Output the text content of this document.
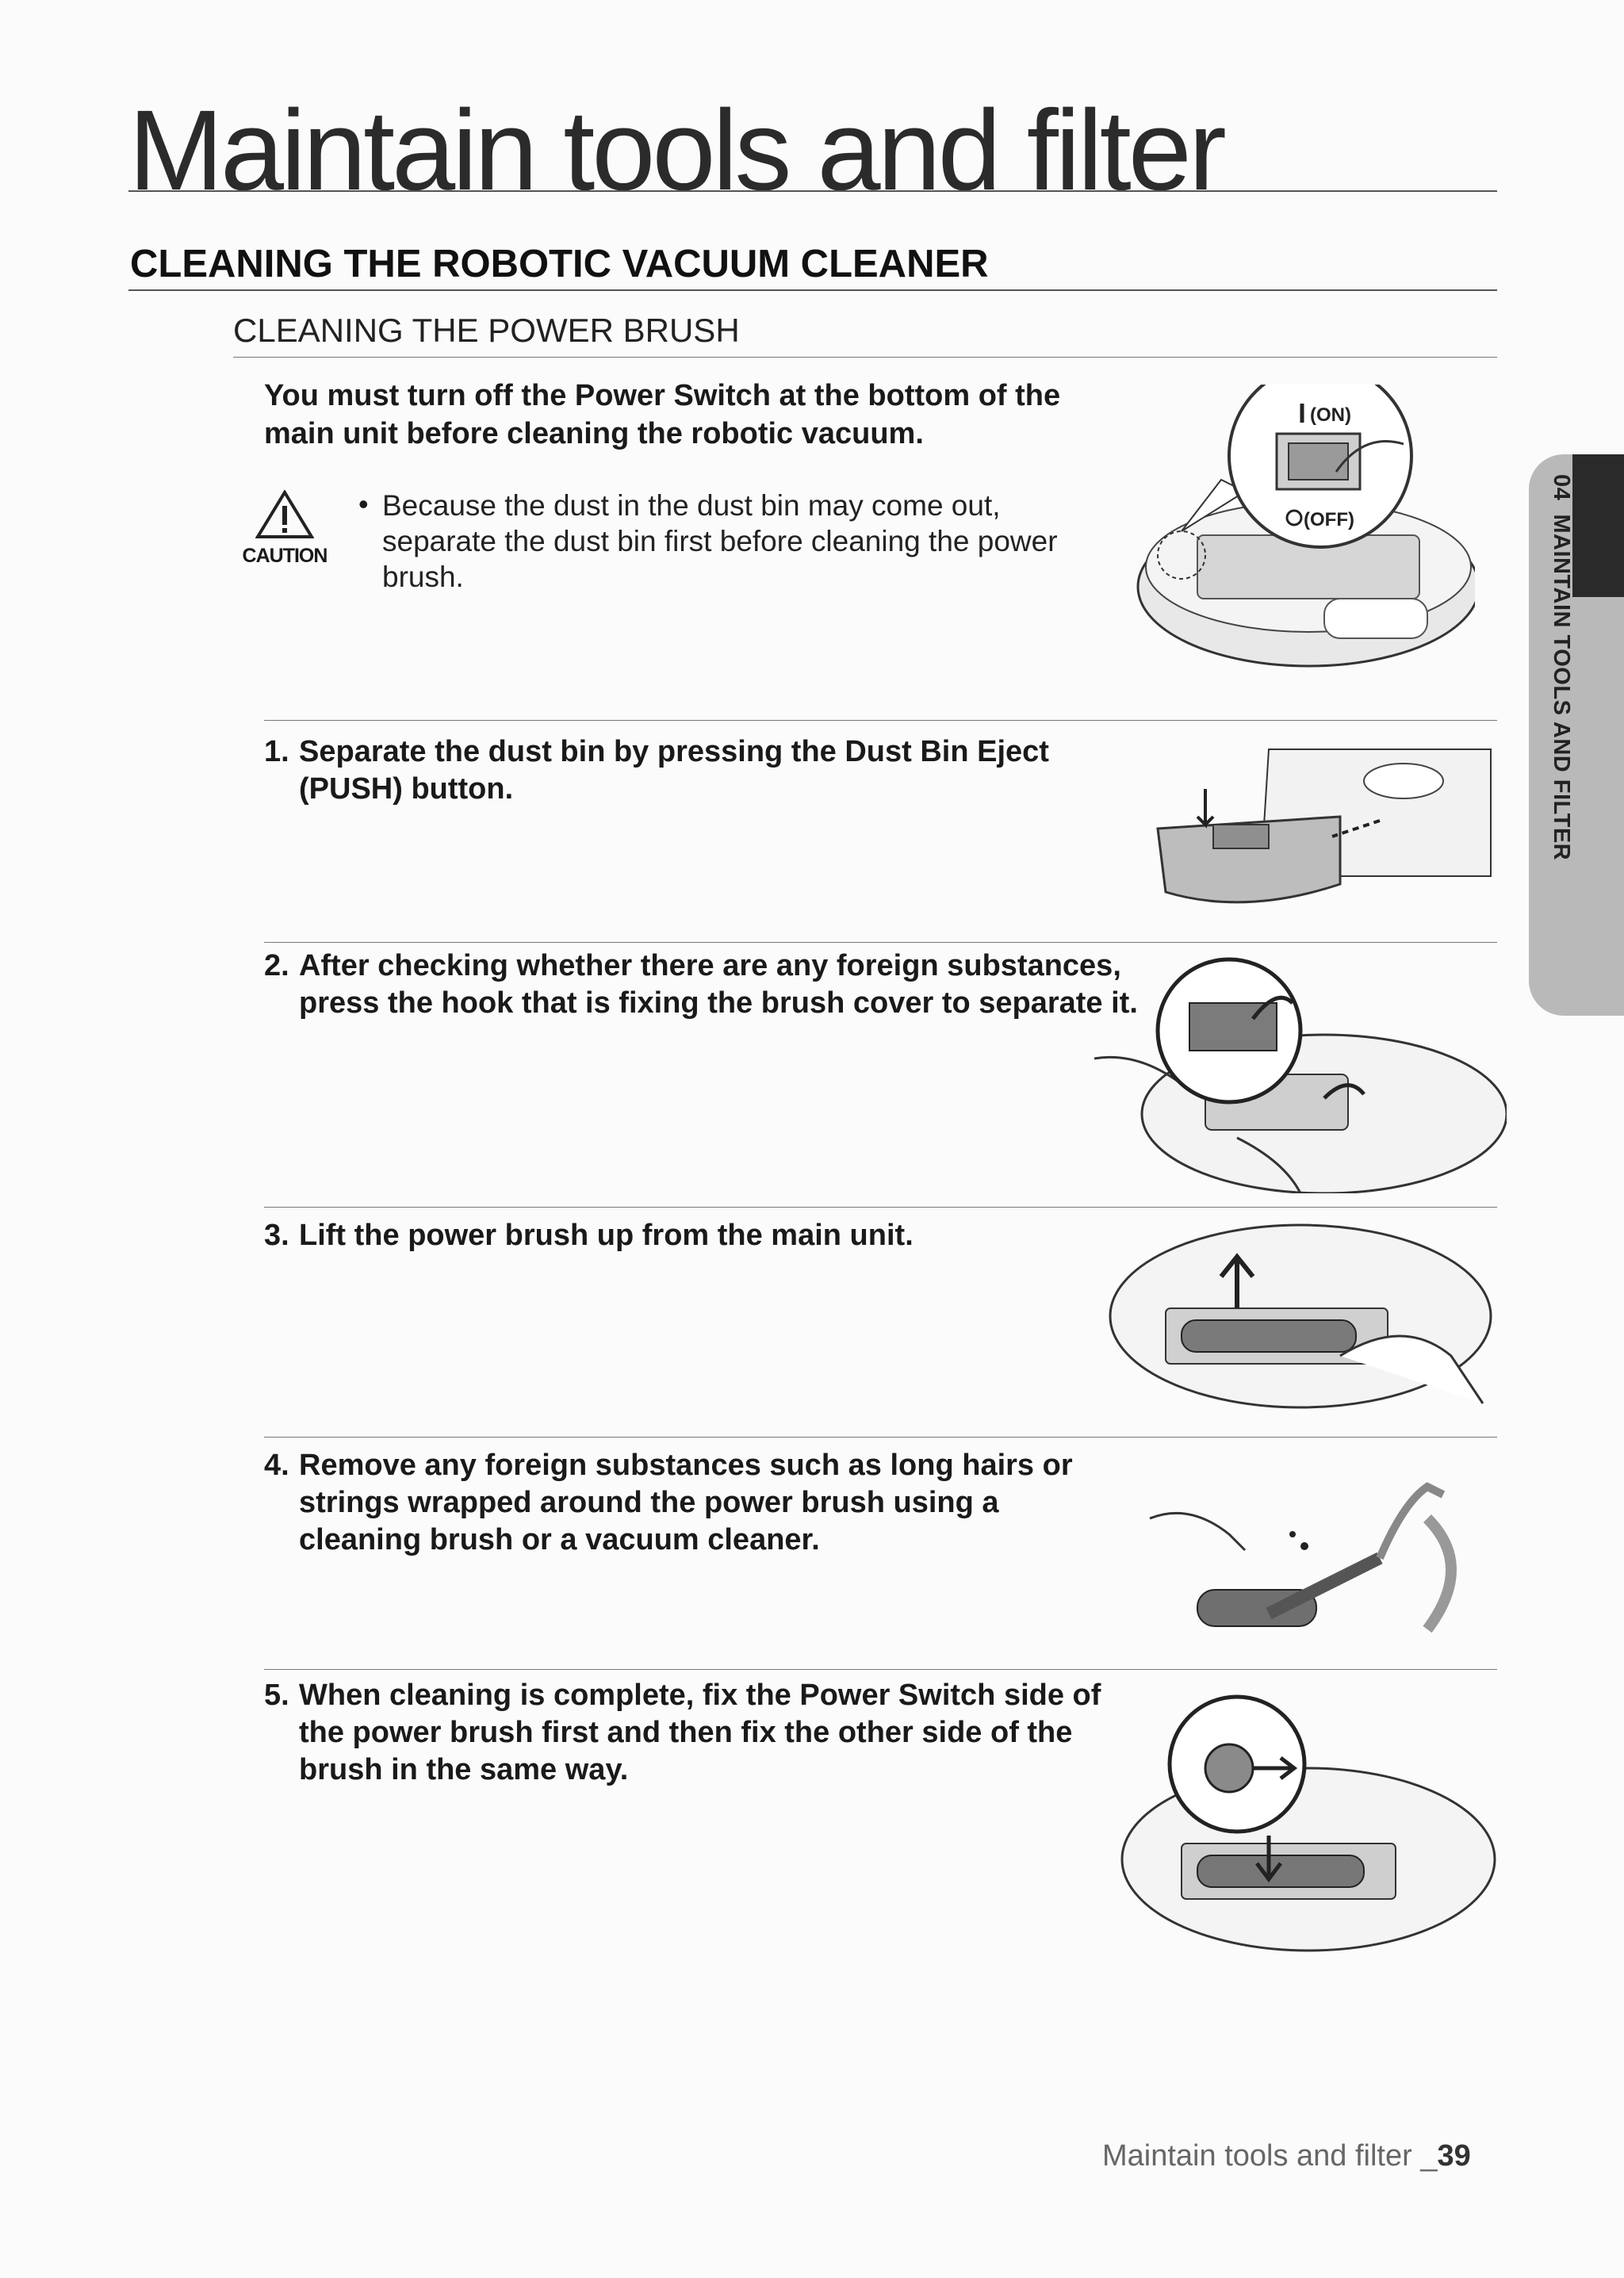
Maintain tools and filter
CLEANING THE ROBOTIC VACUUM CLEANER
CLEANING THE POWER BRUSH
You must turn off the Power Switch at the bottom of the main unit before cleaning the robotic vacuum.
CAUTION
• Because the dust in the dust bin may come out, separate the dust bin first before cleaning the power brush.
(ON)
(OFF)
1. Separate the dust bin by pressing the Dust Bin Eject (PUSH) button.
2. After checking whether there are any foreign substances, press the hook that is fixing the brush cover to separate it.
3. Lift the power brush up from the main unit.
4. Remove any foreign substances such as long hairs or strings wrapped around the power brush using a cleaning brush or a vacuum cleaner.
5. When cleaning is complete, fix the Power Switch side of the power brush first and then fix the other side of the brush in the same way.
04  MAINTAIN TOOLS AND FILTER
Maintain tools and filter _39
